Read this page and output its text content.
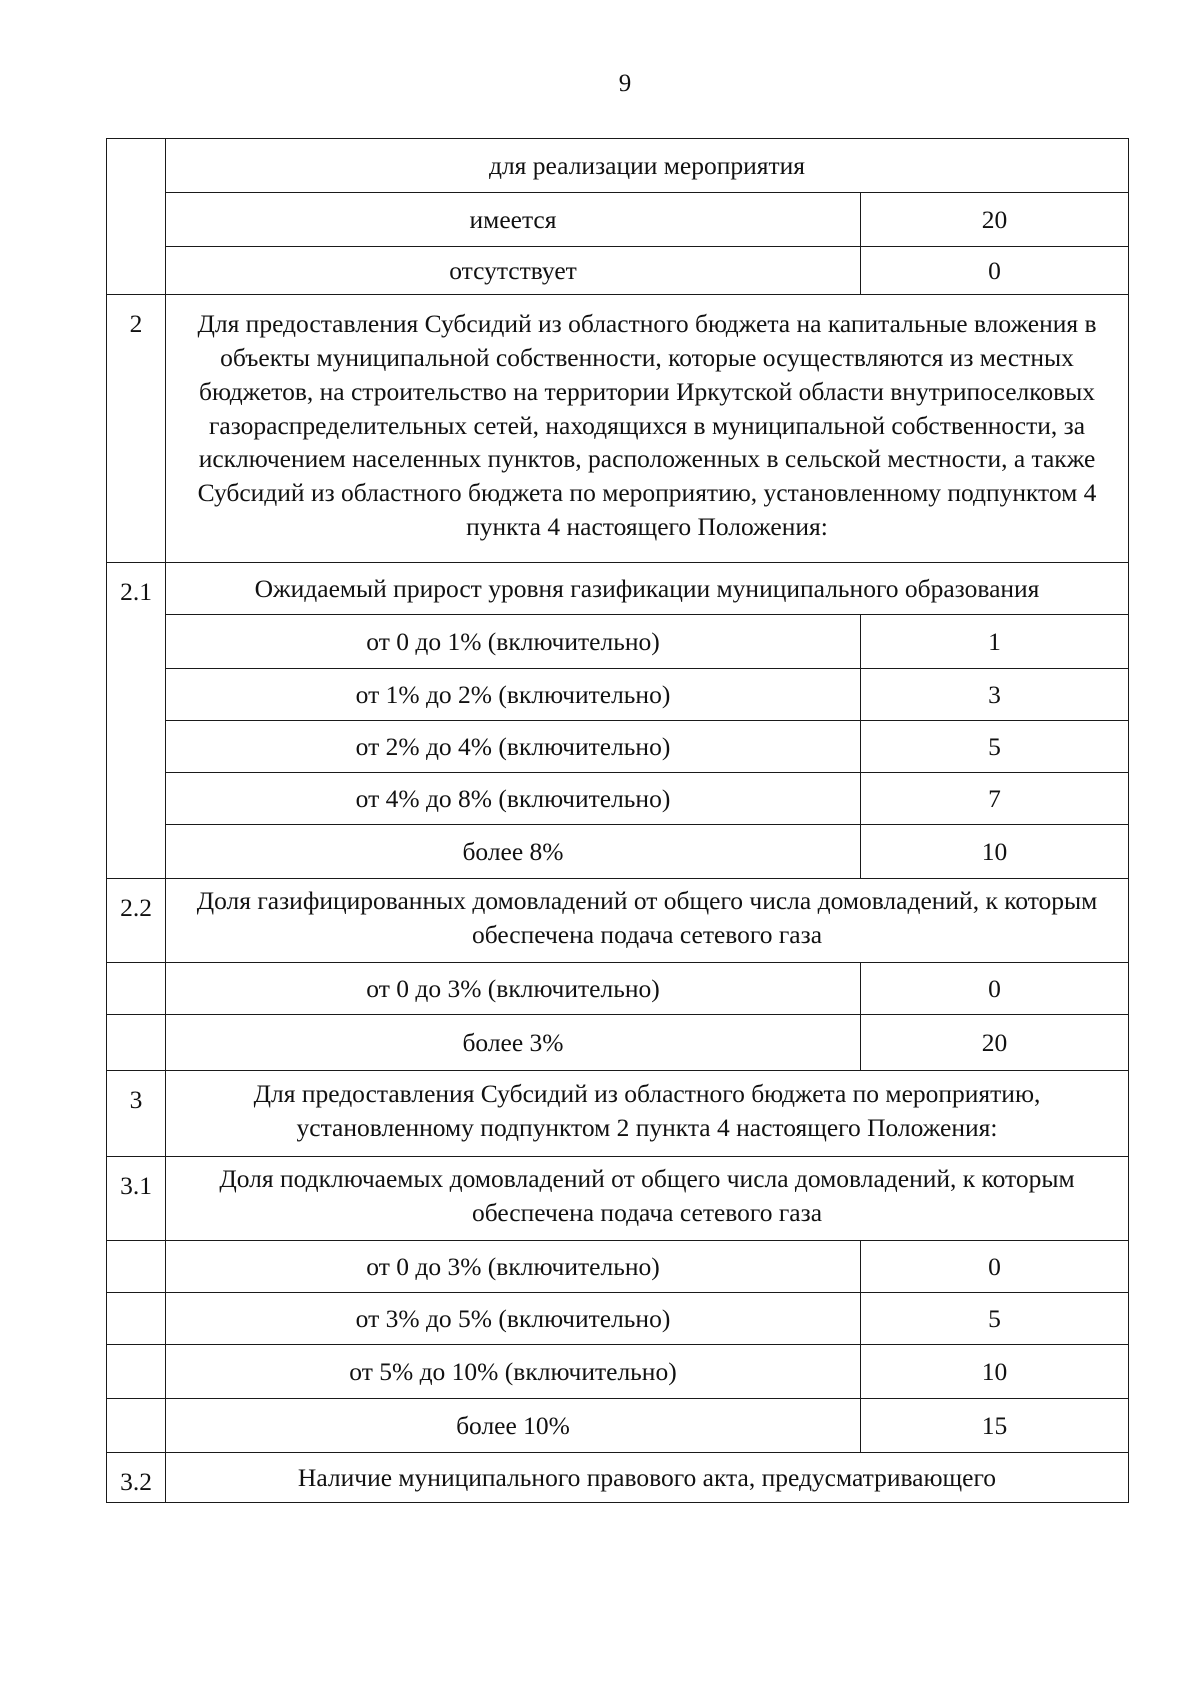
9
	для реализации мероприятия	
	имеется	20
	отсутствует	0
2	Для предоставления Субсидий из областного бюджета на капитальные вложения в объекты муниципальной собственности, которые осуществляются из местных бюджетов, на строительство на территории Иркутской области внутрипоселковых газораспределительных сетей, находящихся в муниципальной собственности, за исключением населенных пунктов, расположенных в сельской местности, а также Субсидий из областного бюджета по мероприятию, установленному подпунктом 4 пункта 4 настоящего Положения:	
2.1	Ожидаемый прирост уровня газификации муниципального образования	
	от 0 до 1% (включительно)	1
	от 1% до 2% (включительно)	3
	от 2% до 4% (включительно)	5
	от 4% до 8% (включительно)	7
	более 8%	10
2.2	Доля газифицированных домовладений от общего числа домовладений, к которым обеспечена подача сетевого газа	
	от 0 до 3% (включительно)	0
	более 3%	20
3	Для предоставления Субсидий из областного бюджета по мероприятию, установленному подпунктом 2 пункта 4 настоящего Положения:	
3.1	Доля подключаемых домовладений от общего числа домовладений, к которым обеспечена подача сетевого газа	
	от 0 до 3% (включительно)	0
	от 3% до 5% (включительно)	5
	от 5% до 10% (включительно)	10
	более 10%	15
3.2	Наличие муниципального правового акта, предусматривающего	
